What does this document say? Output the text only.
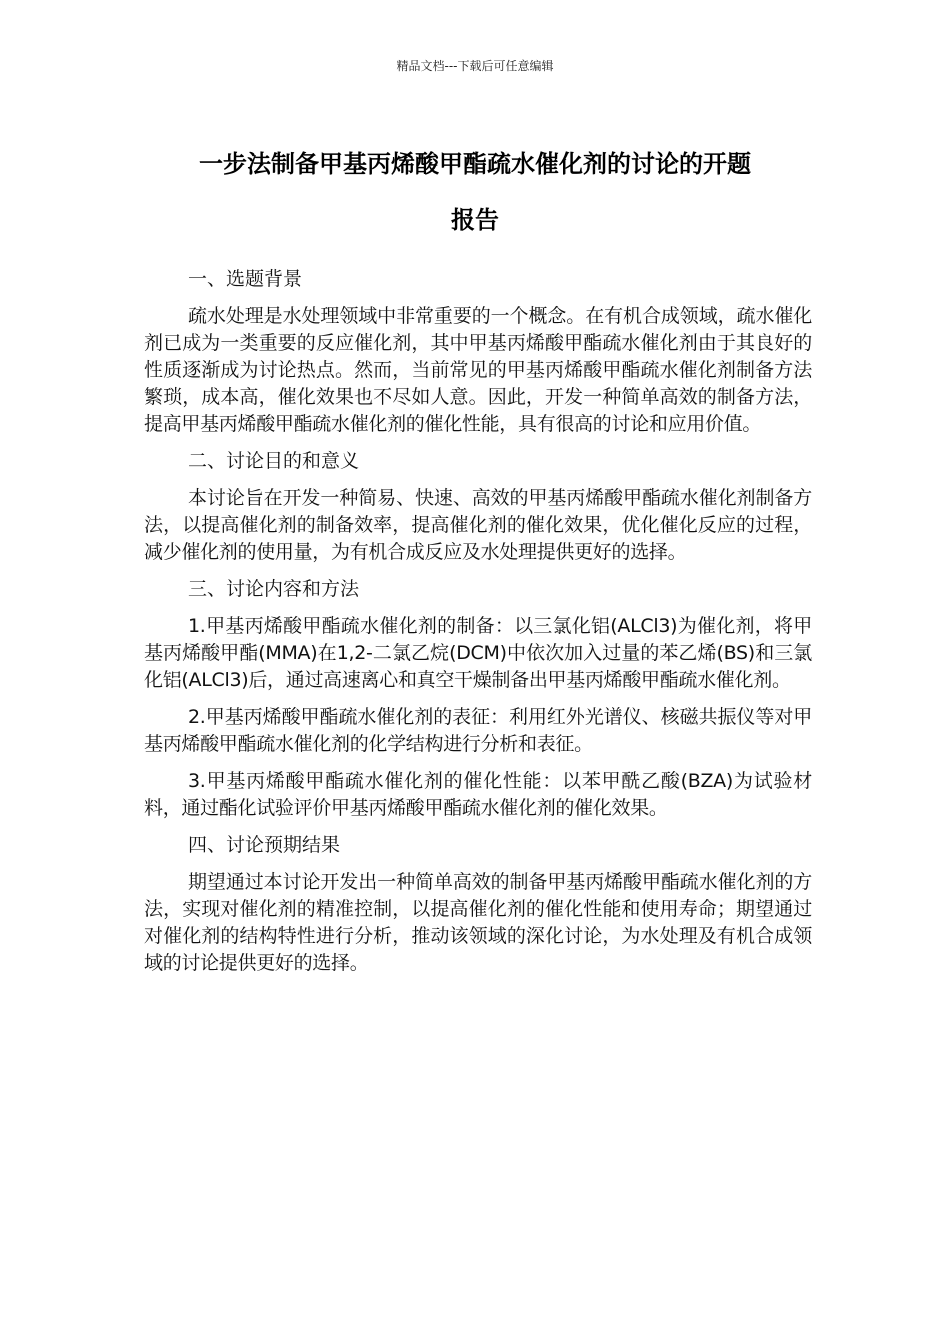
精品文档---下载后可任意编辑
一步法制备甲基丙烯酸甲酯疏水催化剂的讨论的开题
报告
一、选题背景

疏水处理是水处理领域中非常重要的一个概念。在有机合成领域，疏水催化剂已成为一类重要的反应催化剂，其中甲基丙烯酸甲酯疏水催化剂由于其良好的性质逐渐成为讨论热点。然而，当前常见的甲基丙烯酸甲酯疏水催化剂制备方法繁琐，成本高，催化效果也不尽如人意。因此，开发一种简单高效的制备方法，提高甲基丙烯酸甲酯疏水催化剂的催化性能，具有很高的讨论和应用价值。

二、讨论目的和意义

本讨论旨在开发一种简易、快速、高效的甲基丙烯酸甲酯疏水催化剂制备方法，以提高催化剂的制备效率，提高催化剂的催化效果，优化催化反应的过程，减少催化剂的使用量，为有机合成反应及水处理提供更好的选择。

三、讨论内容和方法

1.甲基丙烯酸甲酯疏水催化剂的制备：以三氯化铝(ALCl3)为催化剂，将甲基丙烯酸甲酯(MMA)在1,2-二氯乙烷(DCM)中依次加入过量的苯乙烯(BS)和三氯化铝(ALCl3)后，通过高速离心和真空干燥制备出甲基丙烯酸甲酯疏水催化剂。

2.甲基丙烯酸甲酯疏水催化剂的表征：利用红外光谱仪、核磁共振仪等对甲基丙烯酸甲酯疏水催化剂的化学结构进行分析和表征。

3.甲基丙烯酸甲酯疏水催化剂的催化性能：以苯甲酰乙酸(BZA)为试验材料，通过酯化试验评价甲基丙烯酸甲酯疏水催化剂的催化效果。

四、讨论预期结果

期望通过本讨论开发出一种简单高效的制备甲基丙烯酸甲酯疏水催化剂的方法，实现对催化剂的精准控制，以提高催化剂的催化性能和使用寿命；期望通过对催化剂的结构特性进行分析，推动该领域的深化讨论，为水处理及有机合成领域的讨论提供更好的选择。
